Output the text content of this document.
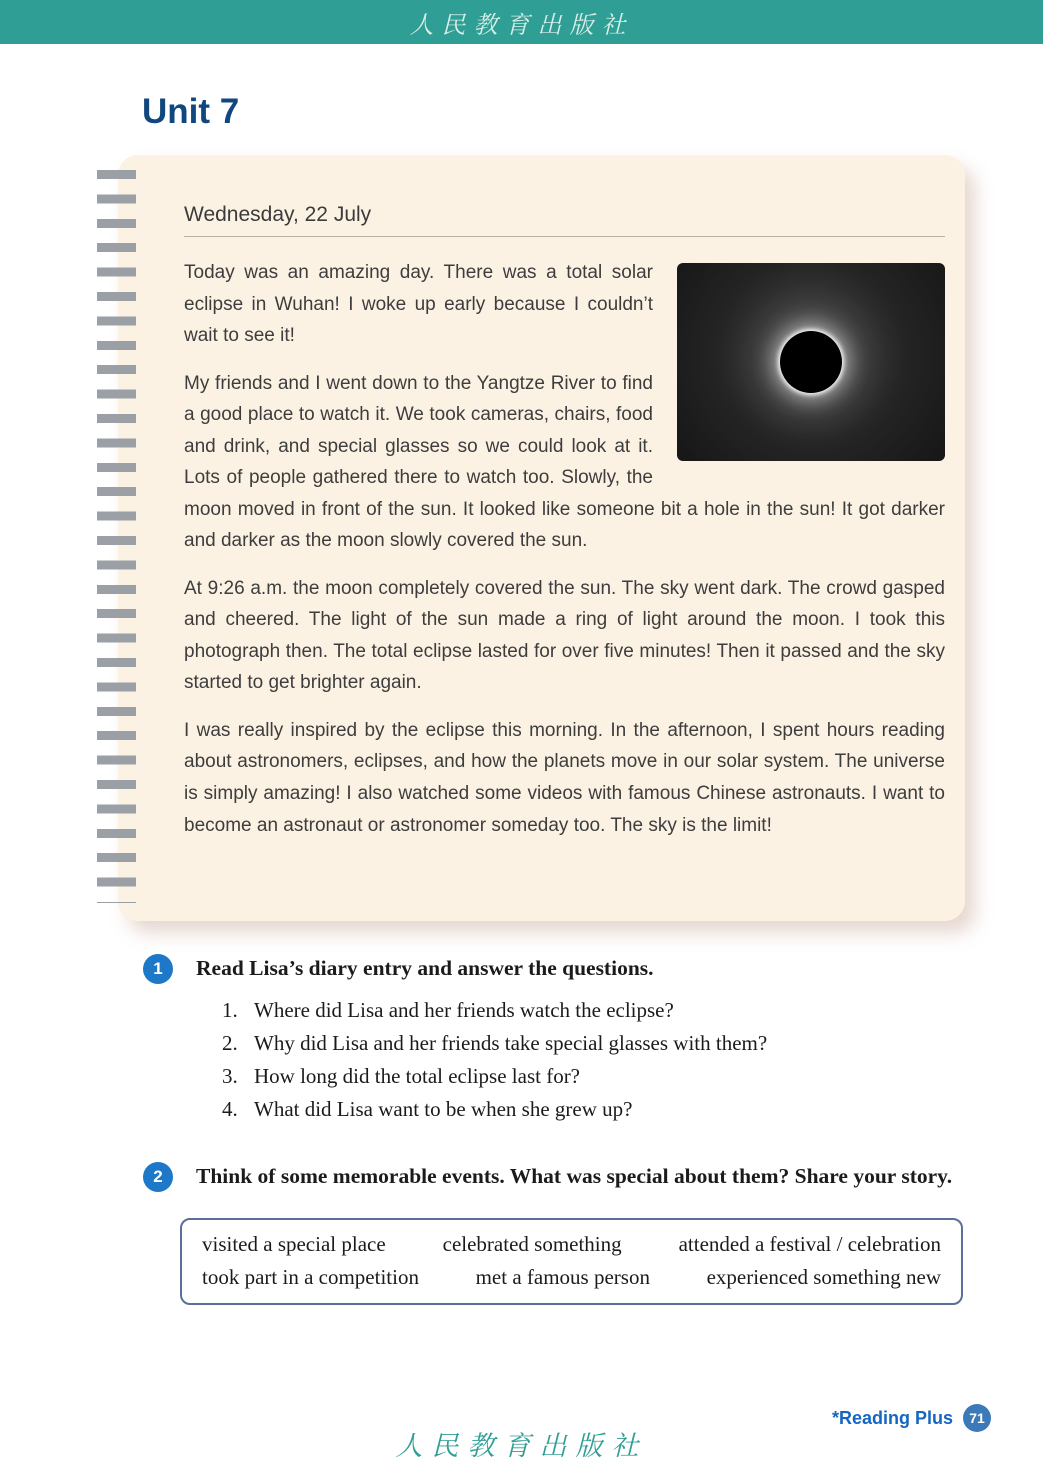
人民教育出版社
Unit 7
Wednesday, 22 July

Today was an amazing day. There was a total solar eclipse in Wuhan! I woke up early because I couldn’t wait to see it!

My friends and I went down to the Yangtze River to find a good place to watch it. We took cameras, chairs, food and drink, and special glasses so we could look at it. Lots of people gathered there to watch too. Slowly, the moon moved in front of the sun. It looked like someone bit a hole in the sun! It got darker and darker as the moon slowly covered the sun.

At 9:26 a.m. the moon completely covered the sun. The sky went dark. The crowd gasped and cheered. The light of the sun made a ring of light around the moon. I took this photograph then. The total eclipse lasted for over five minutes! Then it passed and the sky started to get brighter again.

I was really inspired by the eclipse this morning. In the afternoon, I spent hours reading about astronomers, eclipses, and how the planets move in our solar system. The universe is simply amazing! I also watched some videos with famous Chinese astronauts. I want to become an astronaut or astronomer someday too. The sky is the limit!

1	Read Lisa’s diary entry and answer the questions.
1. Where did Lisa and her friends watch the eclipse?
2. Why did Lisa and her friends take special glasses with them?
3. How long did the total eclipse last for?
4. What did Lisa want to be when she grew up?
2	Think of some memorable events. What was special about them? Share your story.
visited a special place	celebrated something	attended a festival / celebration
took part in a competition	met a famous person	experienced something new
*Reading Plus	71
人民教育出版社
